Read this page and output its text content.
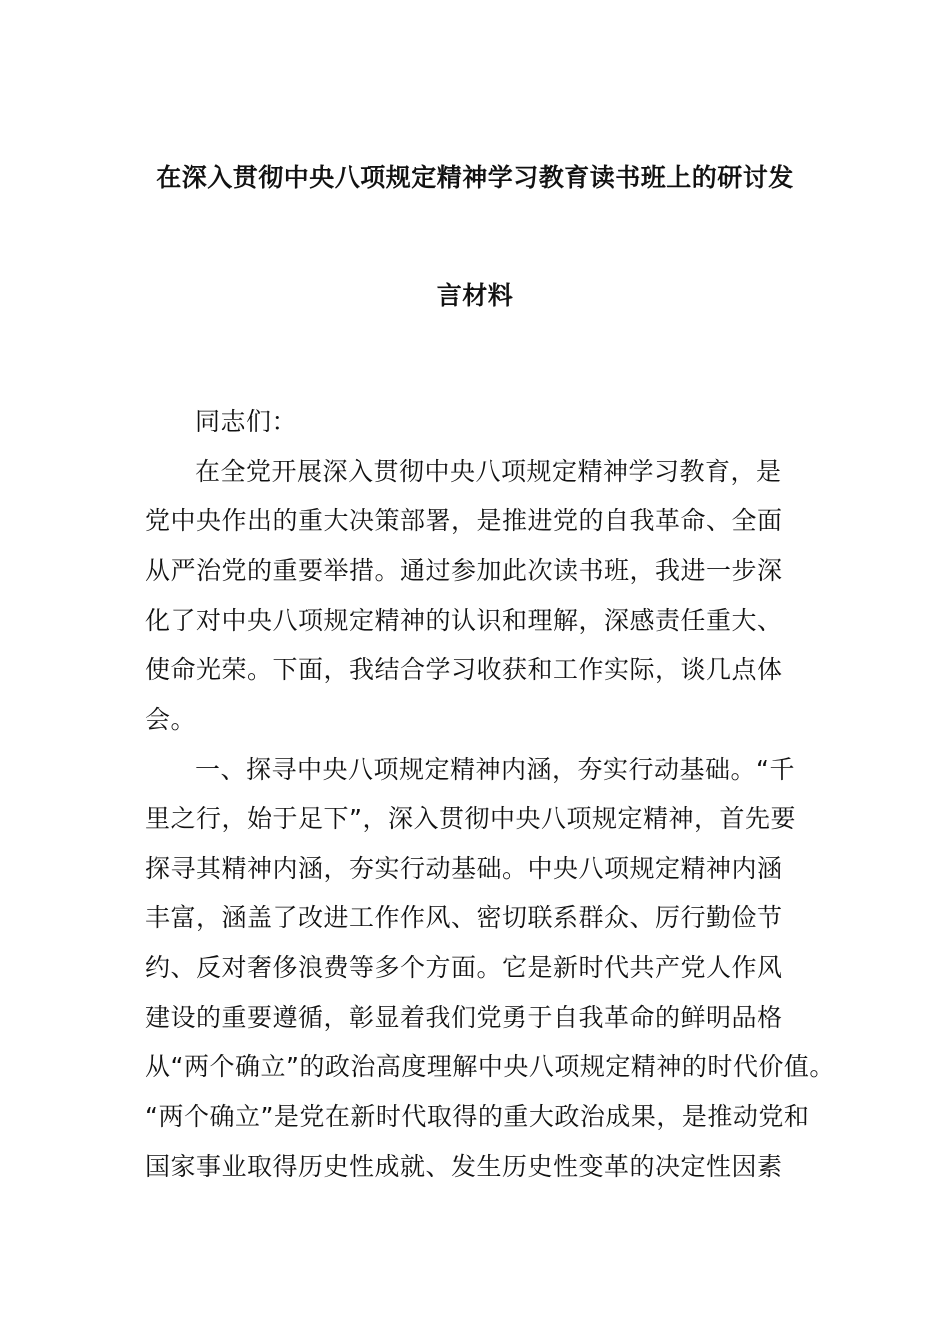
在深入贯彻中央八项规定精神学习教育读书班上的研讨发
言材料
同志们：
在全党开展深入贯彻中央八项规定精神学习教育，是
党中央作出的重大决策部署，是推进党的自我革命、全面
从严治党的重要举措。通过参加此次读书班，我进一步深
化了对中央八项规定精神的认识和理解，深感责任重大、
使命光荣。下面，我结合学习收获和工作实际，谈几点体
会。
一、探寻中央八项规定精神内涵，夯实行动基础。“千
里之行，始于足下”，深入贯彻中央八项规定精神，首先要
探寻其精神内涵，夯实行动基础。中央八项规定精神内涵
丰富，涵盖了改进工作作风、密切联系群众、厉行勤俭节
约、反对奢侈浪费等多个方面。它是新时代共产党人作风
建设的重要遵循，彰显着我们党勇于自我革命的鲜明品格
从“两个确立”的政治高度理解中央八项规定精神的时代价值。
“两个确立”是党在新时代取得的重大政治成果，是推动党和
国家事业取得历史性成就、发生历史性变革的决定性因素
